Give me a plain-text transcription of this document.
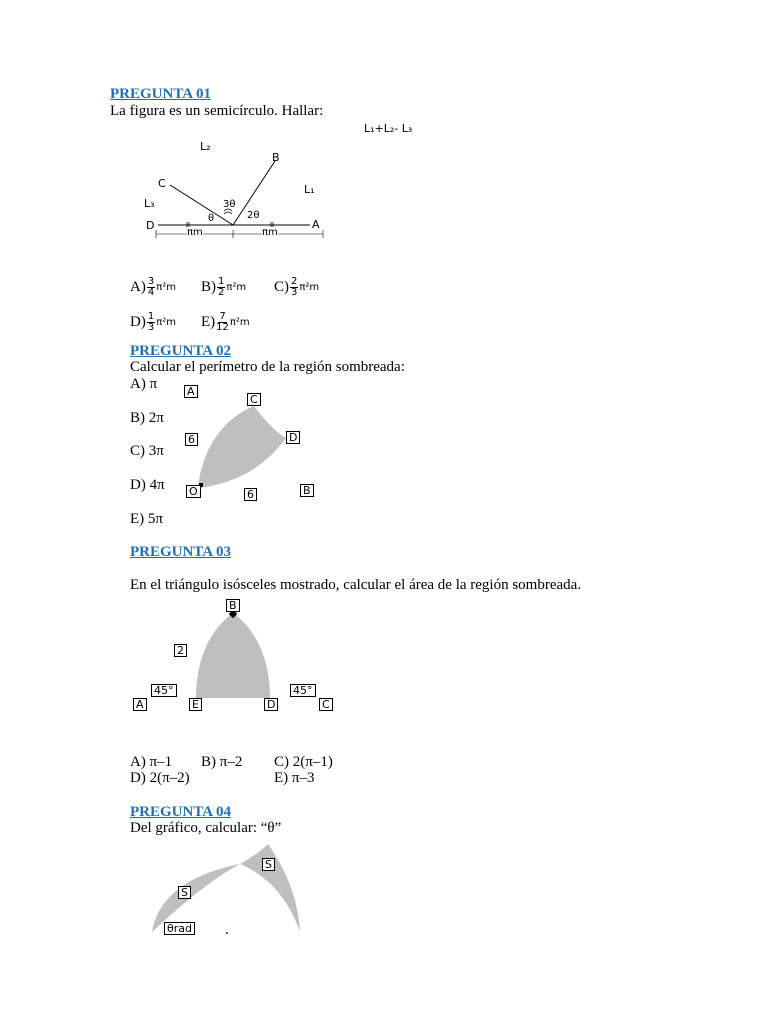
PREGUNTA 01
La figura es un semicírculo. Hallar:
L₁+L₂- L₃
L₂
B
C	L₁
L₃	3θ
θ	2θ
D	A
πm	πm
$A) \frac{3}{4} \pi^2m$ $B) \frac{1}{2} \pi^2m$ $C) \frac{2}{3} \pi^2m$
$D) \frac{1}{3} \pi^2m$ $E) \frac{7}{12} \pi^2m$
PREGUNTA 02
Calcular el perímetro de la región sombreada:
A) π
B) 2π
C) 3π
D) 4π
E) 5π
A
C
D
6
O	6	B
PREGUNTA 03
En el triángulo isósceles mostrado, calcular el área de la región sombreada.
B
2
45°	45°
A	E	D	C
A) π–1 B) π–2 C) 2(π–1)
D) 2(π–2)	E) π–3
PREGUNTA 04
Del gráfico, calcular: “θ”
S
S
θrad .
